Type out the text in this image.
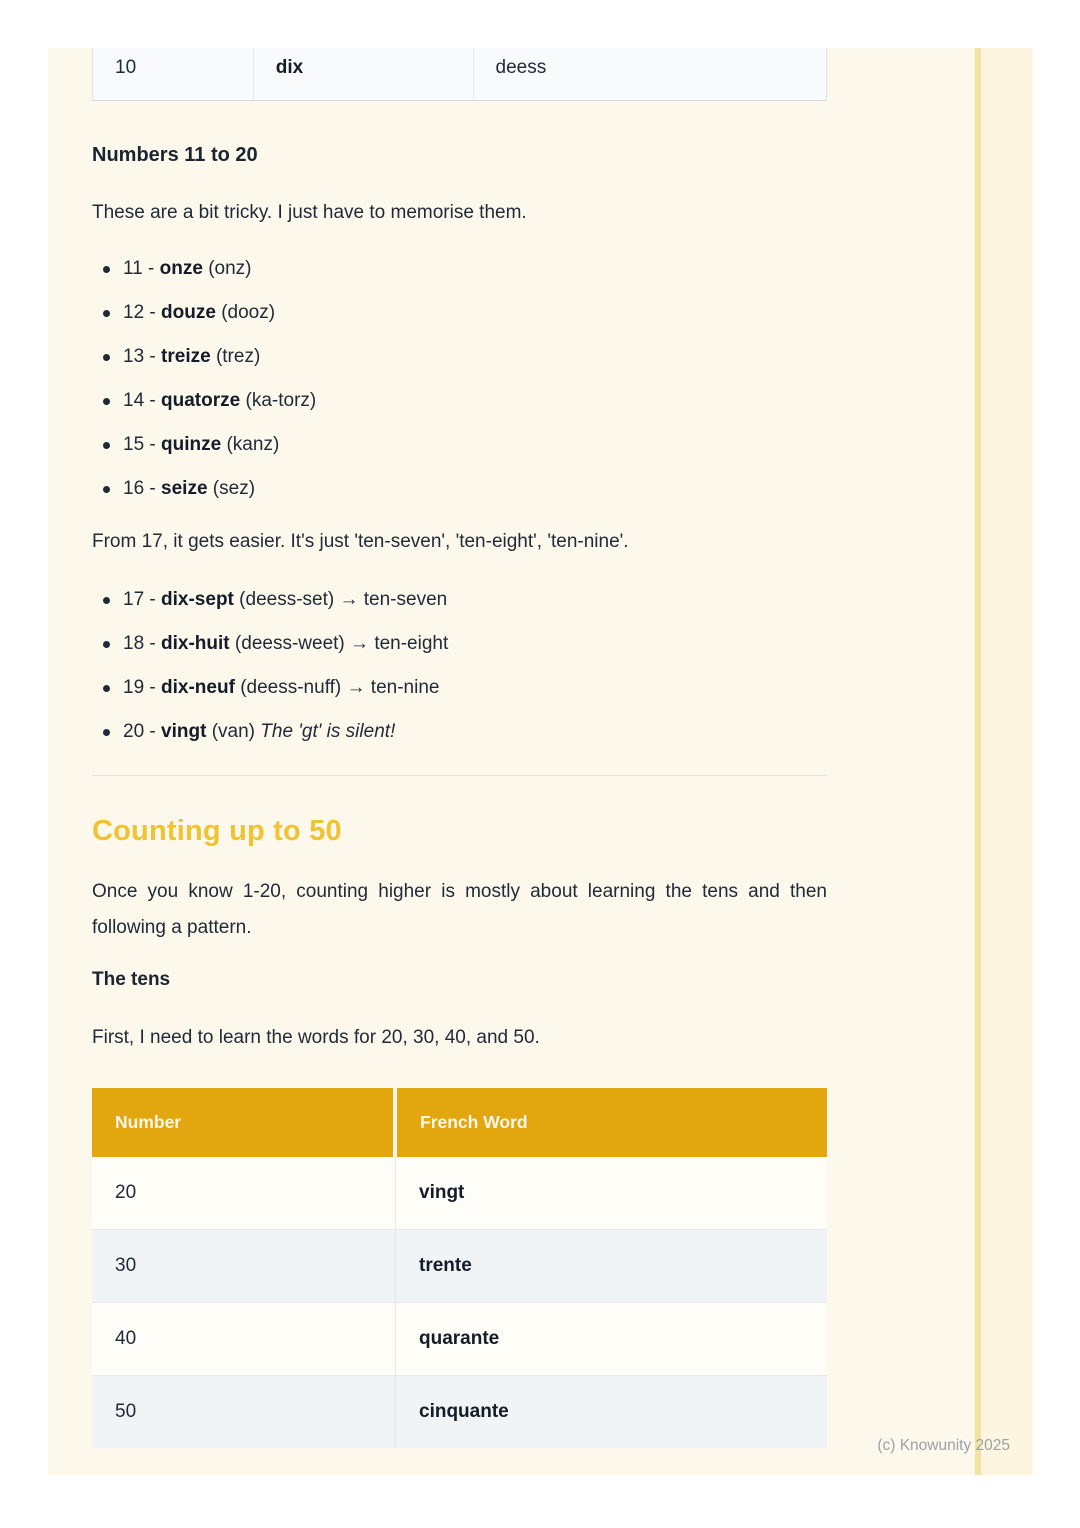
10	dix	deess
Numbers 11 to 20

These are a bit tricky. I just have to memorise them.

11 - onze (onz)
12 - douze (dooz)
13 - treize (trez)
14 - quatorze (ka-torz)
15 - quinze (kanz)
16 - seize (sez)

From 17, it gets easier. It's just 'ten-seven', 'ten-eight', 'ten-nine'.

17 - dix-sept (deess-set) → ten-seven
18 - dix-huit (deess-weet) → ten-eight
19 - dix-neuf (deess-nuff) → ten-nine
20 - vingt (van) The 'gt' is silent!
Counting up to 50

Once you know 1-20, counting higher is mostly about learning the tens and then following a pattern.

The tens

First, I need to learn the words for 20, 30, 40, and 50.

Number	French Word
20	vingt
30	trente
40	quarante
50	cinquante
(c) Knowunity 2025
